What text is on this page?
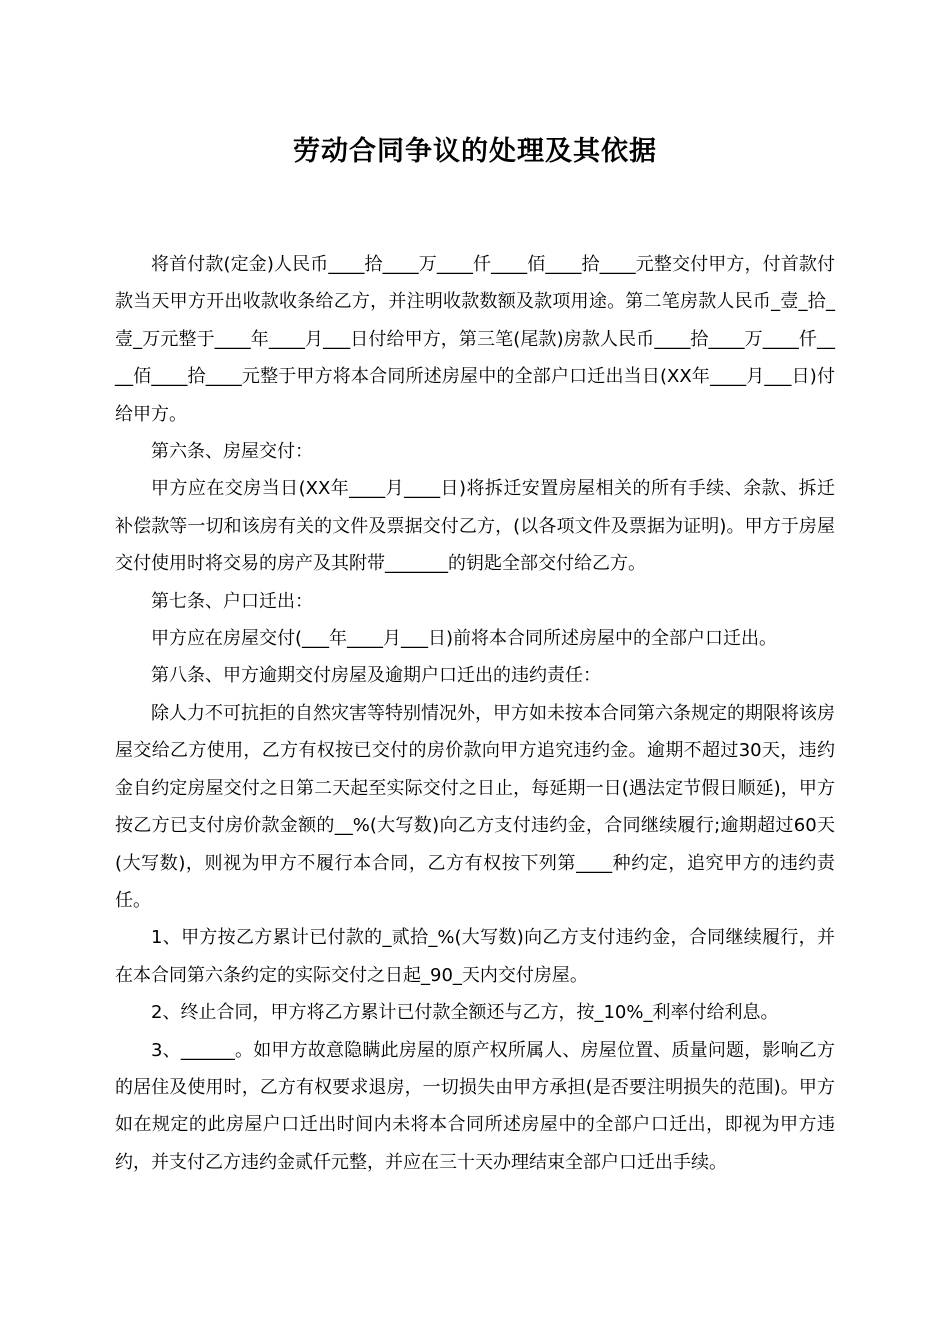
劳动合同争议的处理及其依据

将首付款(定金)人民币____拾____万____仟____佰____拾____元整交付甲方，付首款付款当天甲方开出收款收条给乙方，并注明收款数额及款项用途。第二笔房款人民币_壹_拾_壹_万元整于____年____月___日付给甲方，第三笔(尾款)房款人民币____拾____万____仟____佰____拾____元整于甲方将本合同所述房屋中的全部户口迁出当日(XX年____月___日)付给甲方。

第六条、房屋交付：

甲方应在交房当日(XX年____月____日)将拆迁安置房屋相关的所有手续、余款、拆迁补偿款等一切和该房有关的文件及票据交付乙方，(以各项文件及票据为证明)。甲方于房屋交付使用时将交易的房产及其附带_______的钥匙全部交付给乙方。

第七条、户口迁出：

甲方应在房屋交付(___年____月___日)前将本合同所述房屋中的全部户口迁出。

第八条、甲方逾期交付房屋及逾期户口迁出的违约责任：

除人力不可抗拒的自然灾害等特别情况外，甲方如未按本合同第六条规定的期限将该房屋交给乙方使用，乙方有权按已交付的房价款向甲方追究违约金。逾期不超过30天，违约金自约定房屋交付之日第二天起至实际交付之日止，每延期一日(遇法定节假日顺延)，甲方按乙方已支付房价款金额的__%(大写数)向乙方支付违约金，合同继续履行;逾期超过60天(大写数)，则视为甲方不履行本合同，乙方有权按下列第____种约定，追究甲方的违约责任。

1、甲方按乙方累计已付款的_贰拾_%(大写数)向乙方支付违约金，合同继续履行，并在本合同第六条约定的实际交付之日起_90_天内交付房屋。

2、终止合同，甲方将乙方累计已付款全额还与乙方，按_10%_利率付给利息。

3、______。如甲方故意隐瞒此房屋的原产权所属人、房屋位置、质量问题，影响乙方的居住及使用时，乙方有权要求退房，一切损失由甲方承担(是否要注明损失的范围)。甲方如在规定的此房屋户口迁出时间内未将本合同所述房屋中的全部户口迁出，即视为甲方违约，并支付乙方违约金贰仟元整，并应在三十天办理结束全部户口迁出手续。
